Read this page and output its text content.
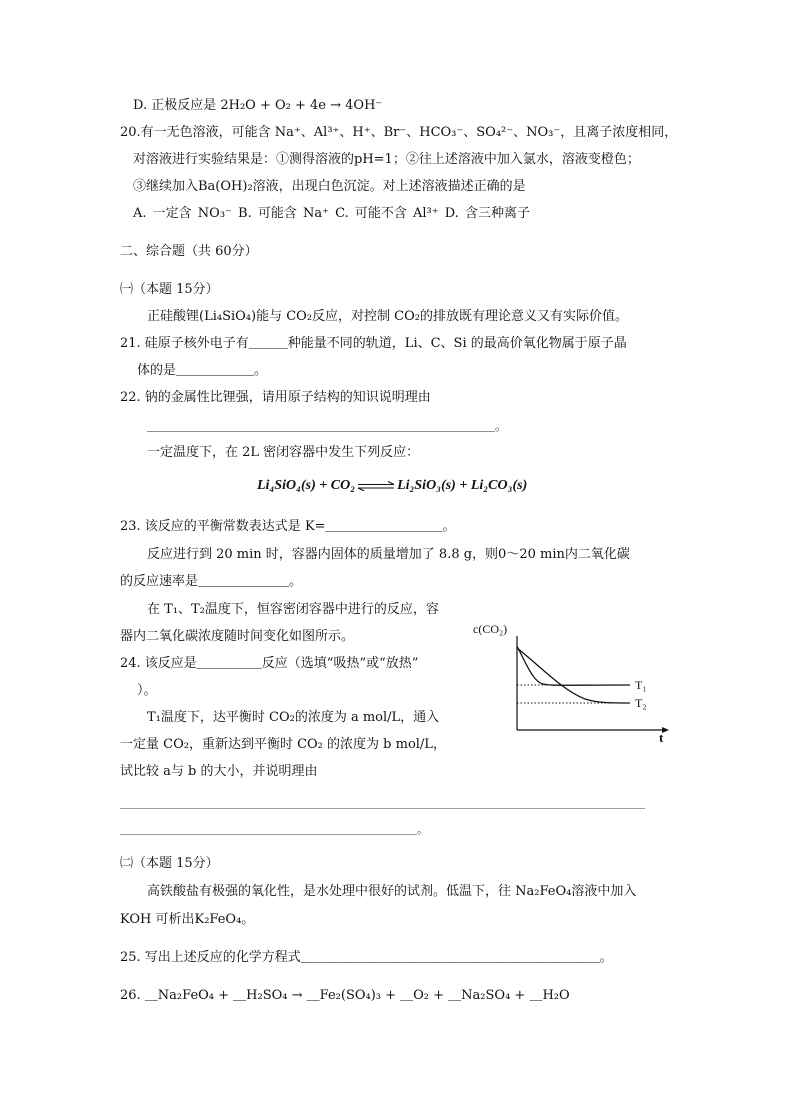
D. 正极反应是 2H₂O + O₂ + 4e → 4OH⁻
20.有一无色溶液，可能含 Na⁺、Al³⁺、H⁺、Br⁻、HCO₃⁻、SO₄²⁻、NO₃⁻，且离子浓度相同，
对溶液进行实验结果是：①测得溶液的pH=1；②往上述溶液中加入氯水，溶液变橙色；
③继续加入Ba(OH)₂溶液，出现白色沉淀。对上述溶液描述正确的是
A. 一定含 NO₃⁻ B. 可能含 Na⁺ C. 可能不含 Al³⁺ D. 含三种离子
二、综合题（共 60分）
㈠（本题 15分）
正硅酸锂(Li₄SiO₄)能与 CO₂反应，对控制 CO₂的排放既有理论意义又有实际价值。
21. 硅原子核外电子有＿＿＿种能量不同的轨道，Li、C、Si 的最高价氧化物属于原子晶
体的是＿＿＿＿＿＿。
22. 钠的金属性比锂强，请用原子结构的知识说明理由
＿＿＿＿＿＿＿＿＿＿＿＿＿＿＿＿＿＿＿＿＿＿＿＿＿＿＿＿＿。
一定温度下，在 2L 密闭容器中发生下列反应：
Li₄SiO₄(s) + CO₂ ⇌ Li₂SiO₃(s) + Li₂CO₃(s)
23. 该反应的平衡常数表达式是 K=＿＿＿＿＿＿＿＿＿。
反应进行到 20 min 时，容器内固体的质量增加了 8.8 g，则0～20 min内二氧化碳
的反应速率是＿＿＿＿＿＿＿。
在 T₁、T₂温度下，恒容密闭容器中进行的反应，容
器内二氧化碳浓度随时间变化如图所示。
24. 该反应是＿＿＿＿＿反应（选填“吸热”或“放热”
）。
T₁温度下，达平衡时 CO₂的浓度为 a mol/L，通入
一定量 CO₂，重新达到平衡时 CO₂ 的浓度为 b mol/L，
试比较 a与 b 的大小，并说明理由
＿＿＿＿＿＿＿＿＿＿＿＿＿＿＿＿＿＿＿＿＿＿＿＿＿＿＿＿＿＿＿＿＿＿＿＿＿＿＿＿＿＿＿＿＿＿＿＿＿＿
＿＿＿＿＿＿＿＿＿＿＿＿＿＿＿＿＿＿＿＿＿＿＿＿＿＿＿。
c(CO₂)
T₁
T₂
t
㈡（本题 15分）
高铁酸盐有极强的氧化性，是水处理中很好的试剂。低温下，往 Na₂FeO₄溶液中加入
KOH 可析出K₂FeO₄。
25. 写出上述反应的化学方程式＿＿＿＿＿＿＿＿＿＿＿＿＿＿＿＿＿＿＿＿＿＿＿。
26. ＿Na₂FeO₄ + ＿H₂SO₄ → ＿Fe₂(SO₄)₃ + ＿O₂ + ＿Na₂SO₄ + ＿H₂O
